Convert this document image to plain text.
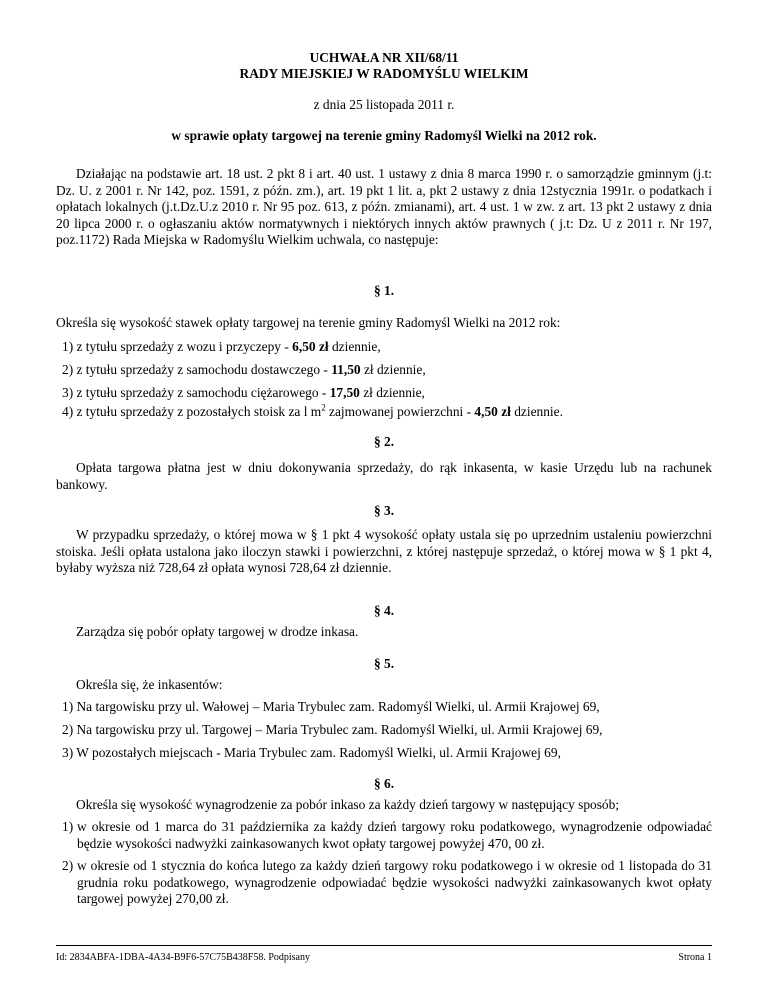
UCHWAŁA NR XII/68/11
RADY MIEJSKIEJ W RADOMYŚLU WIELKIM
z dnia 25 listopada 2011 r.
w sprawie opłaty targowej na terenie gminy Radomyśl Wielki na 2012 rok.
Działając na podstawie art. 18 ust. 2 pkt 8 i art. 40 ust. 1 ustawy z dnia 8 marca 1990 r. o samorządzie gminnym (j.t: Dz. U. z 2001 r. Nr 142, poz. 1591, z późn. zm.), art. 19 pkt 1 lit. a, pkt 2 ustawy z dnia 12stycznia 1991r. o podatkach i opłatach lokalnych (j.t.Dz.U.z 2010 r. Nr 95 poz. 613, z późn. zmianami), art. 4 ust. 1 w zw. z art. 13 pkt 2 ustawy z dnia 20 lipca 2000 r. o ogłaszaniu aktów normatywnych i niektórych innych aktów prawnych ( j.t: Dz. U z 2011 r. Nr 197, poz.1172) Rada Miejska w Radomyślu Wielkim uchwala, co następuje:
§ 1.
Określa się wysokość stawek opłaty targowej na terenie gminy Radomyśl Wielki na 2012 rok:
1) z tytułu sprzedaży z wozu i przyczepy - 6,50 zł dziennie,
2) z tytułu sprzedaży z samochodu dostawczego - 11,50 zł dziennie,
3) z tytułu sprzedaży z samochodu ciężarowego - 17,50 zł dziennie,
4) z tytułu sprzedaży z pozostałych stoisk za l $m^2$ zajmowanej powierzchni - 4,50 zł dziennie.
§ 2.
Opłata targowa płatna jest w dniu dokonywania sprzedaży, do rąk inkasenta, w kasie Urzędu lub na rachunek bankowy.
§ 3.
W przypadku sprzedaży, o której mowa w § 1 pkt 4 wysokość opłaty ustala się po uprzednim ustaleniu powierzchni stoiska. Jeśli opłata ustalona jako iloczyn stawki i powierzchni, z której następuje sprzedaż, o której mowa w § 1 pkt 4, byłaby wyższa niż 728,64 zł opłata wynosi 728,64 zł dziennie.
§ 4.
Zarządza się pobór opłaty targowej w drodze inkasa.
§ 5.
Określa się, że inkasentów:
1) Na targowisku przy ul. Wałowej – Maria Trybulec zam. Radomyśl Wielki, ul. Armii Krajowej 69,
2) Na targowisku przy ul. Targowej – Maria Trybulec zam. Radomyśl Wielki, ul. Armii Krajowej 69,
3) W pozostałych miejscach - Maria Trybulec zam. Radomyśl Wielki, ul. Armii Krajowej 69,
§ 6.
Określa się wysokość wynagrodzenie za pobór inkaso za każdy dzień targowy w następujący sposób;
1) w okresie od 1 marca do 31 października za każdy dzień targowy roku podatkowego, wynagrodzenie odpowiadać będzie wysokości nadwyżki zainkasowanych kwot opłaty targowej powyżej 470, 00 zł.
2) w okresie od 1 stycznia do końca lutego za każdy dzień targowy roku podatkowego i w okresie od 1 listopada do 31 grudnia roku podatkowego, wynagrodzenie odpowiadać będzie wysokości nadwyżki zainkasowanych kwot opłaty targowej powyżej 270,00 zł.
Id: 2834ABFA-1DBA-4A34-B9F6-57C75B438F58. Podpisany	Strona 1
